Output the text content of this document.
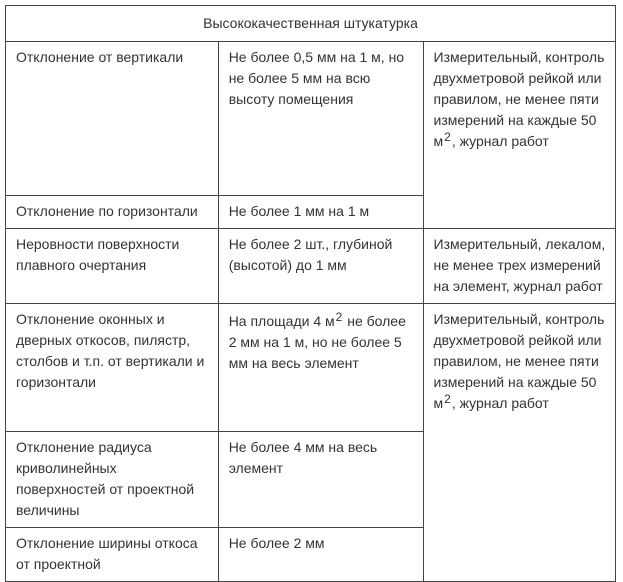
Высококачественная штукатурка		
Отклонение от вертикали	Не более 0,5 мм на 1 м, но не более 5 мм на всю высоту помещения	Измерительный, контроль двухметровой рейкой или правилом, не менее пяти измерений на каждые 50 м2, журнал работ
Отклонение по горизонтали	Не более 1 мм на 1 м	
Неровности поверхности плавного очертания	Не более 2 шт., глубиной (высотой) до 1 мм	Измерительный, лекалом, не менее трех измерений на элемент, журнал работ
Отклонение оконных и дверных откосов, пилястр, столбов и т.п. от вертикали и горизонтали	На площади 4 м2 не более 2 мм на 1 м, но не более 5 мм на весь элемент	Измерительный, контроль двухметровой рейкой или правилом, не менее пяти измерений на каждые 50 м2, журнал работ
Отклонение радиуса криволинейных поверхностей от проектной величины	Не более 4 мм на весь элемент	
Отклонение ширины откоса от проектной	Не более 2 мм	
